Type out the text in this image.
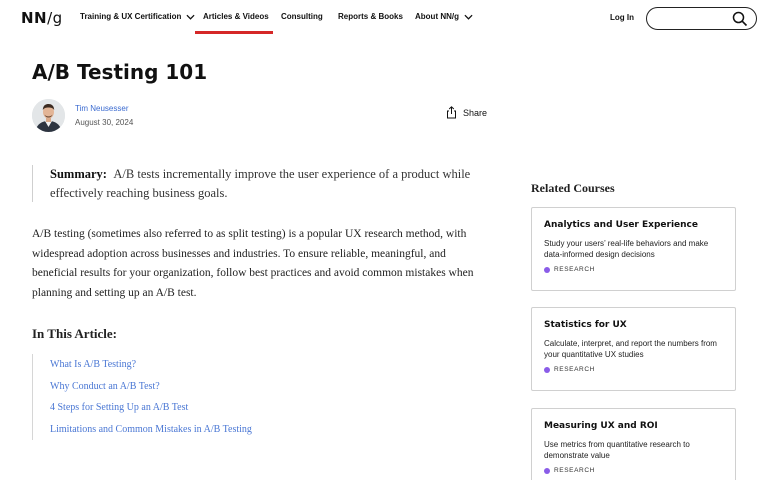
NN/g Training & UX Certification	Articles & Videos Consulting Reports & Books About NN/g	Log In
A/B Testing 101
Tim Neusesser
August 30, 2024
Share
Summary: A/B tests incrementally improve the user experience of a product while effectively reaching business goals.

A/B testing (sometimes also referred to as split testing) is a popular UX research method, with widespread adoption across businesses and industries. To ensure reliable, meaningful, and beneficial results for your organization, follow best practices and avoid common mistakes when planning and setting up an A/B test.

In This Article:
What Is A/B Testing?
Why Conduct an A/B Test?
4 Steps for Setting Up an A/B Test
Limitations and Common Mistakes in A/B Testing
Related Courses
Analytics and User Experience
Study your users’ real-life behaviors and make data-informed design decisions
RESEARCH
Statistics for UX
Calculate, interpret, and report the numbers from your quantitative UX studies
RESEARCH
Measuring UX and ROI
Use metrics from quantitative research to demonstrate value
RESEARCH
